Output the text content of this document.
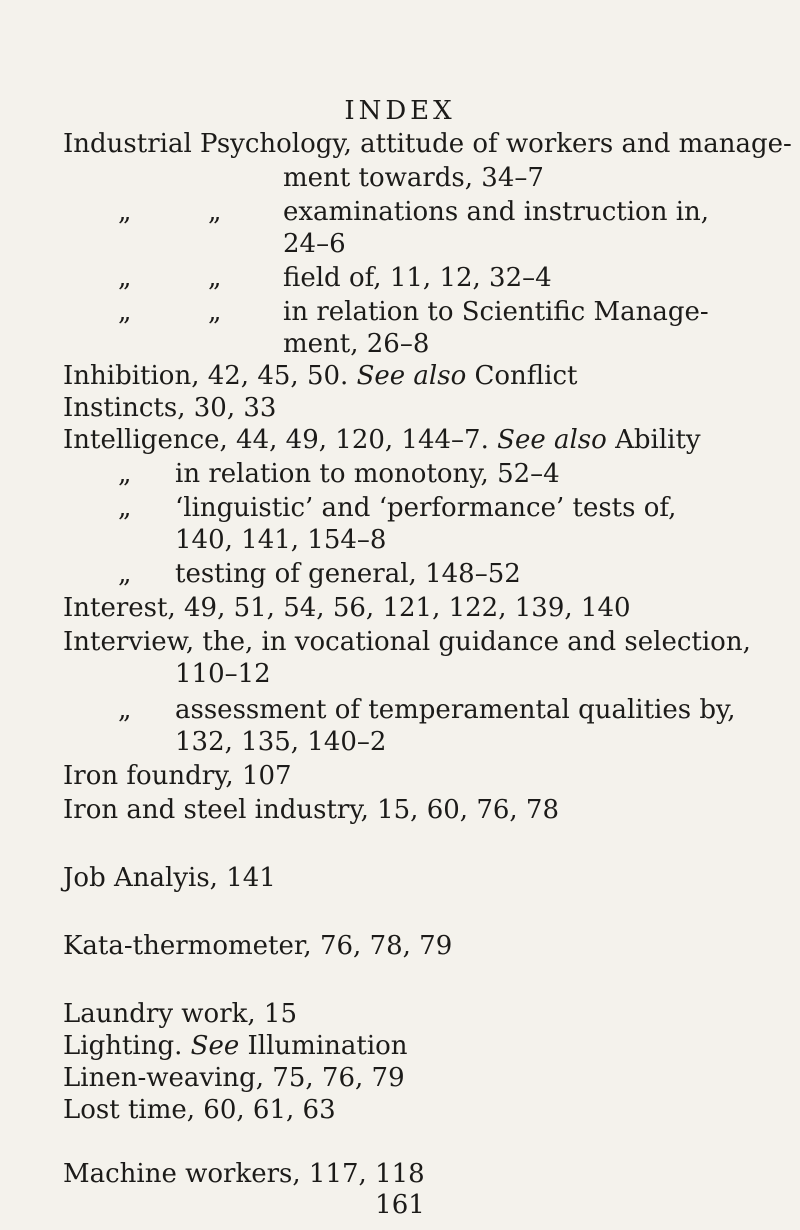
INDEX
Industrial Psychology, attitude of workers and manage-
ment towards, 34–7
„	„ examinations and instruction in,
24–6
„	„ field of, 11, 12, 32–4
„	„ in relation to Scientific Manage-
ment, 26–8
Inhibition, 42, 45, 50. See also Conflict
Instincts, 30, 33
Intelligence, 44, 49, 120, 144–7. See also Ability
„ in relation to monotony, 52–4
„ ‘linguistic’ and ‘performance’ tests of,
140, 141, 154–8
„ testing of general, 148–52
Interest, 49, 51, 54, 56, 121, 122, 139, 140
Interview, the, in vocational guidance and selection,
110–12
„ assessment of temperamental qualities by,
132, 135, 140–2
Iron foundry, 107
Iron and steel industry, 15, 60, 76, 78
Job Analyis, 141
Kata-thermometer, 76, 78, 79
Laundry work, 15
Lighting. See Illumination
Linen-weaving, 75, 76, 79
Lost time, 60, 61, 63
Machine workers, 117, 118
161
